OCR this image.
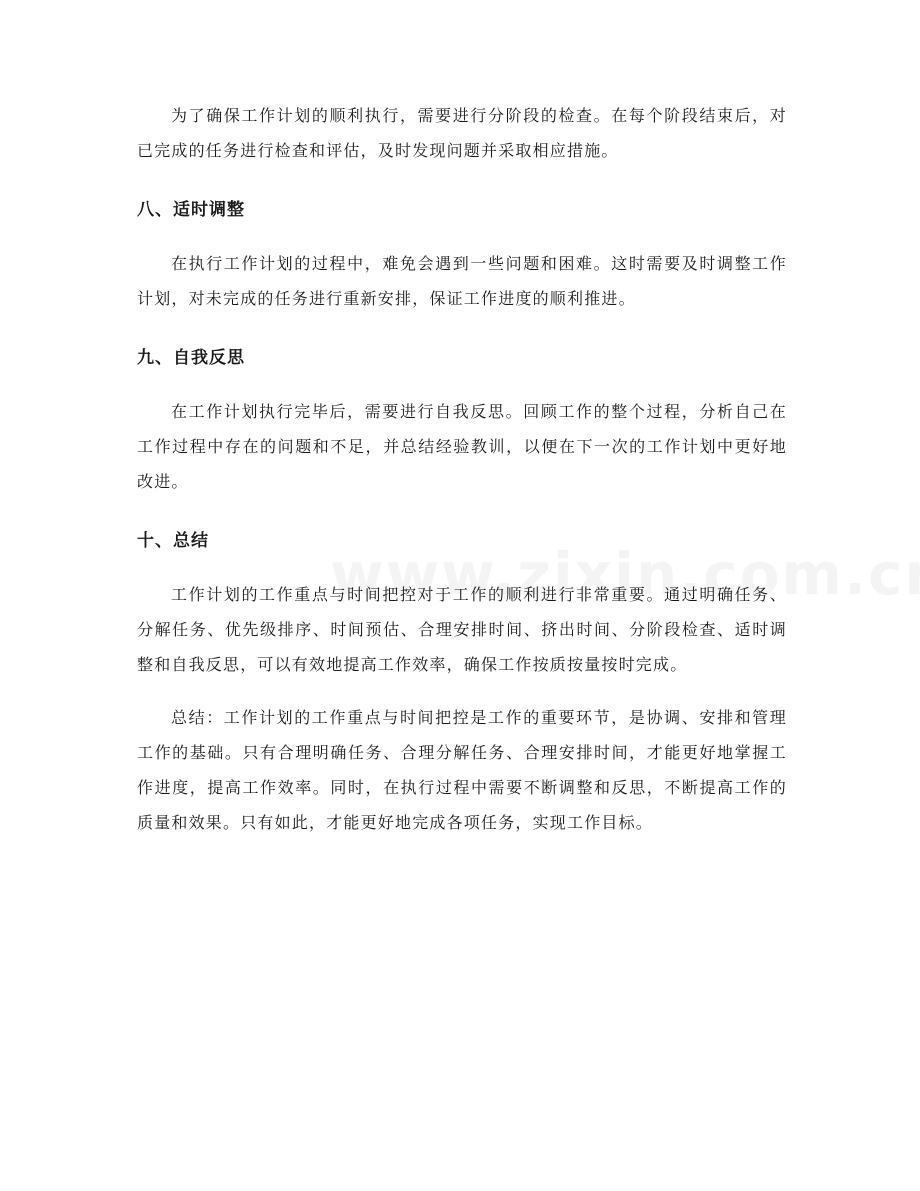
为了确保工作计划的顺利执行，需要进行分阶段的检查。在每个阶段结束后，对已完成的任务进行检查和评估，及时发现问题并采取相应措施。

八、适时调整

在执行工作计划的过程中，难免会遇到一些问题和困难。这时需要及时调整工作计划，对未完成的任务进行重新安排，保证工作进度的顺利推进。

九、自我反思

在工作计划执行完毕后，需要进行自我反思。回顾工作的整个过程，分析自己在工作过程中存在的问题和不足，并总结经验教训，以便在下一次的工作计划中更好地改进。

十、总结

工作计划的工作重点与时间把控对于工作的顺利进行非常重要。通过明确任务、分解任务、优先级排序、时间预估、合理安排时间、挤出时间、分阶段检查、适时调整和自我反思，可以有效地提高工作效率，确保工作按质按量按时完成。

总结：工作计划的工作重点与时间把控是工作的重要环节，是协调、安排和管理工作的基础。只有合理明确任务、合理分解任务、合理安排时间，才能更好地掌握工作进度，提高工作效率。同时，在执行过程中需要不断调整和反思，不断提高工作的质量和效果。只有如此，才能更好地完成各项任务，实现工作目标。
